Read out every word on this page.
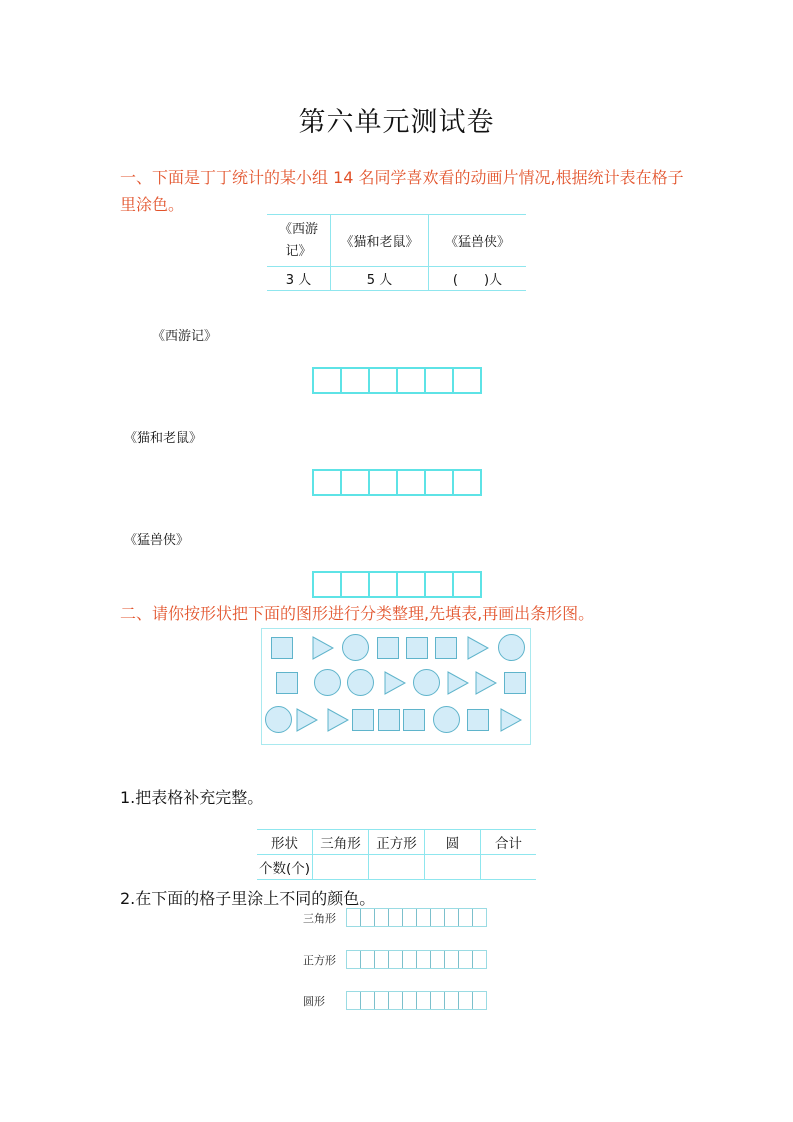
第六单元测试卷
一、下面是丁丁统计的某小组 14 名同学喜欢看的动画片情况,根据统计表在格子
里涂色。
《西游
记》	《猫和老鼠》	《猛兽侠》
3 人	5 人	(　　)人
《西游记》
《猫和老鼠》
《猛兽侠》
二、请你按形状把下面的图形进行分类整理,先填表,再画出条形图。
1.把表格补充完整。
形状	三角形	正方形	圆	合计
个数(个)				
2.在下面的格子里涂上不同的颜色。
三角形
正方形
圆形
